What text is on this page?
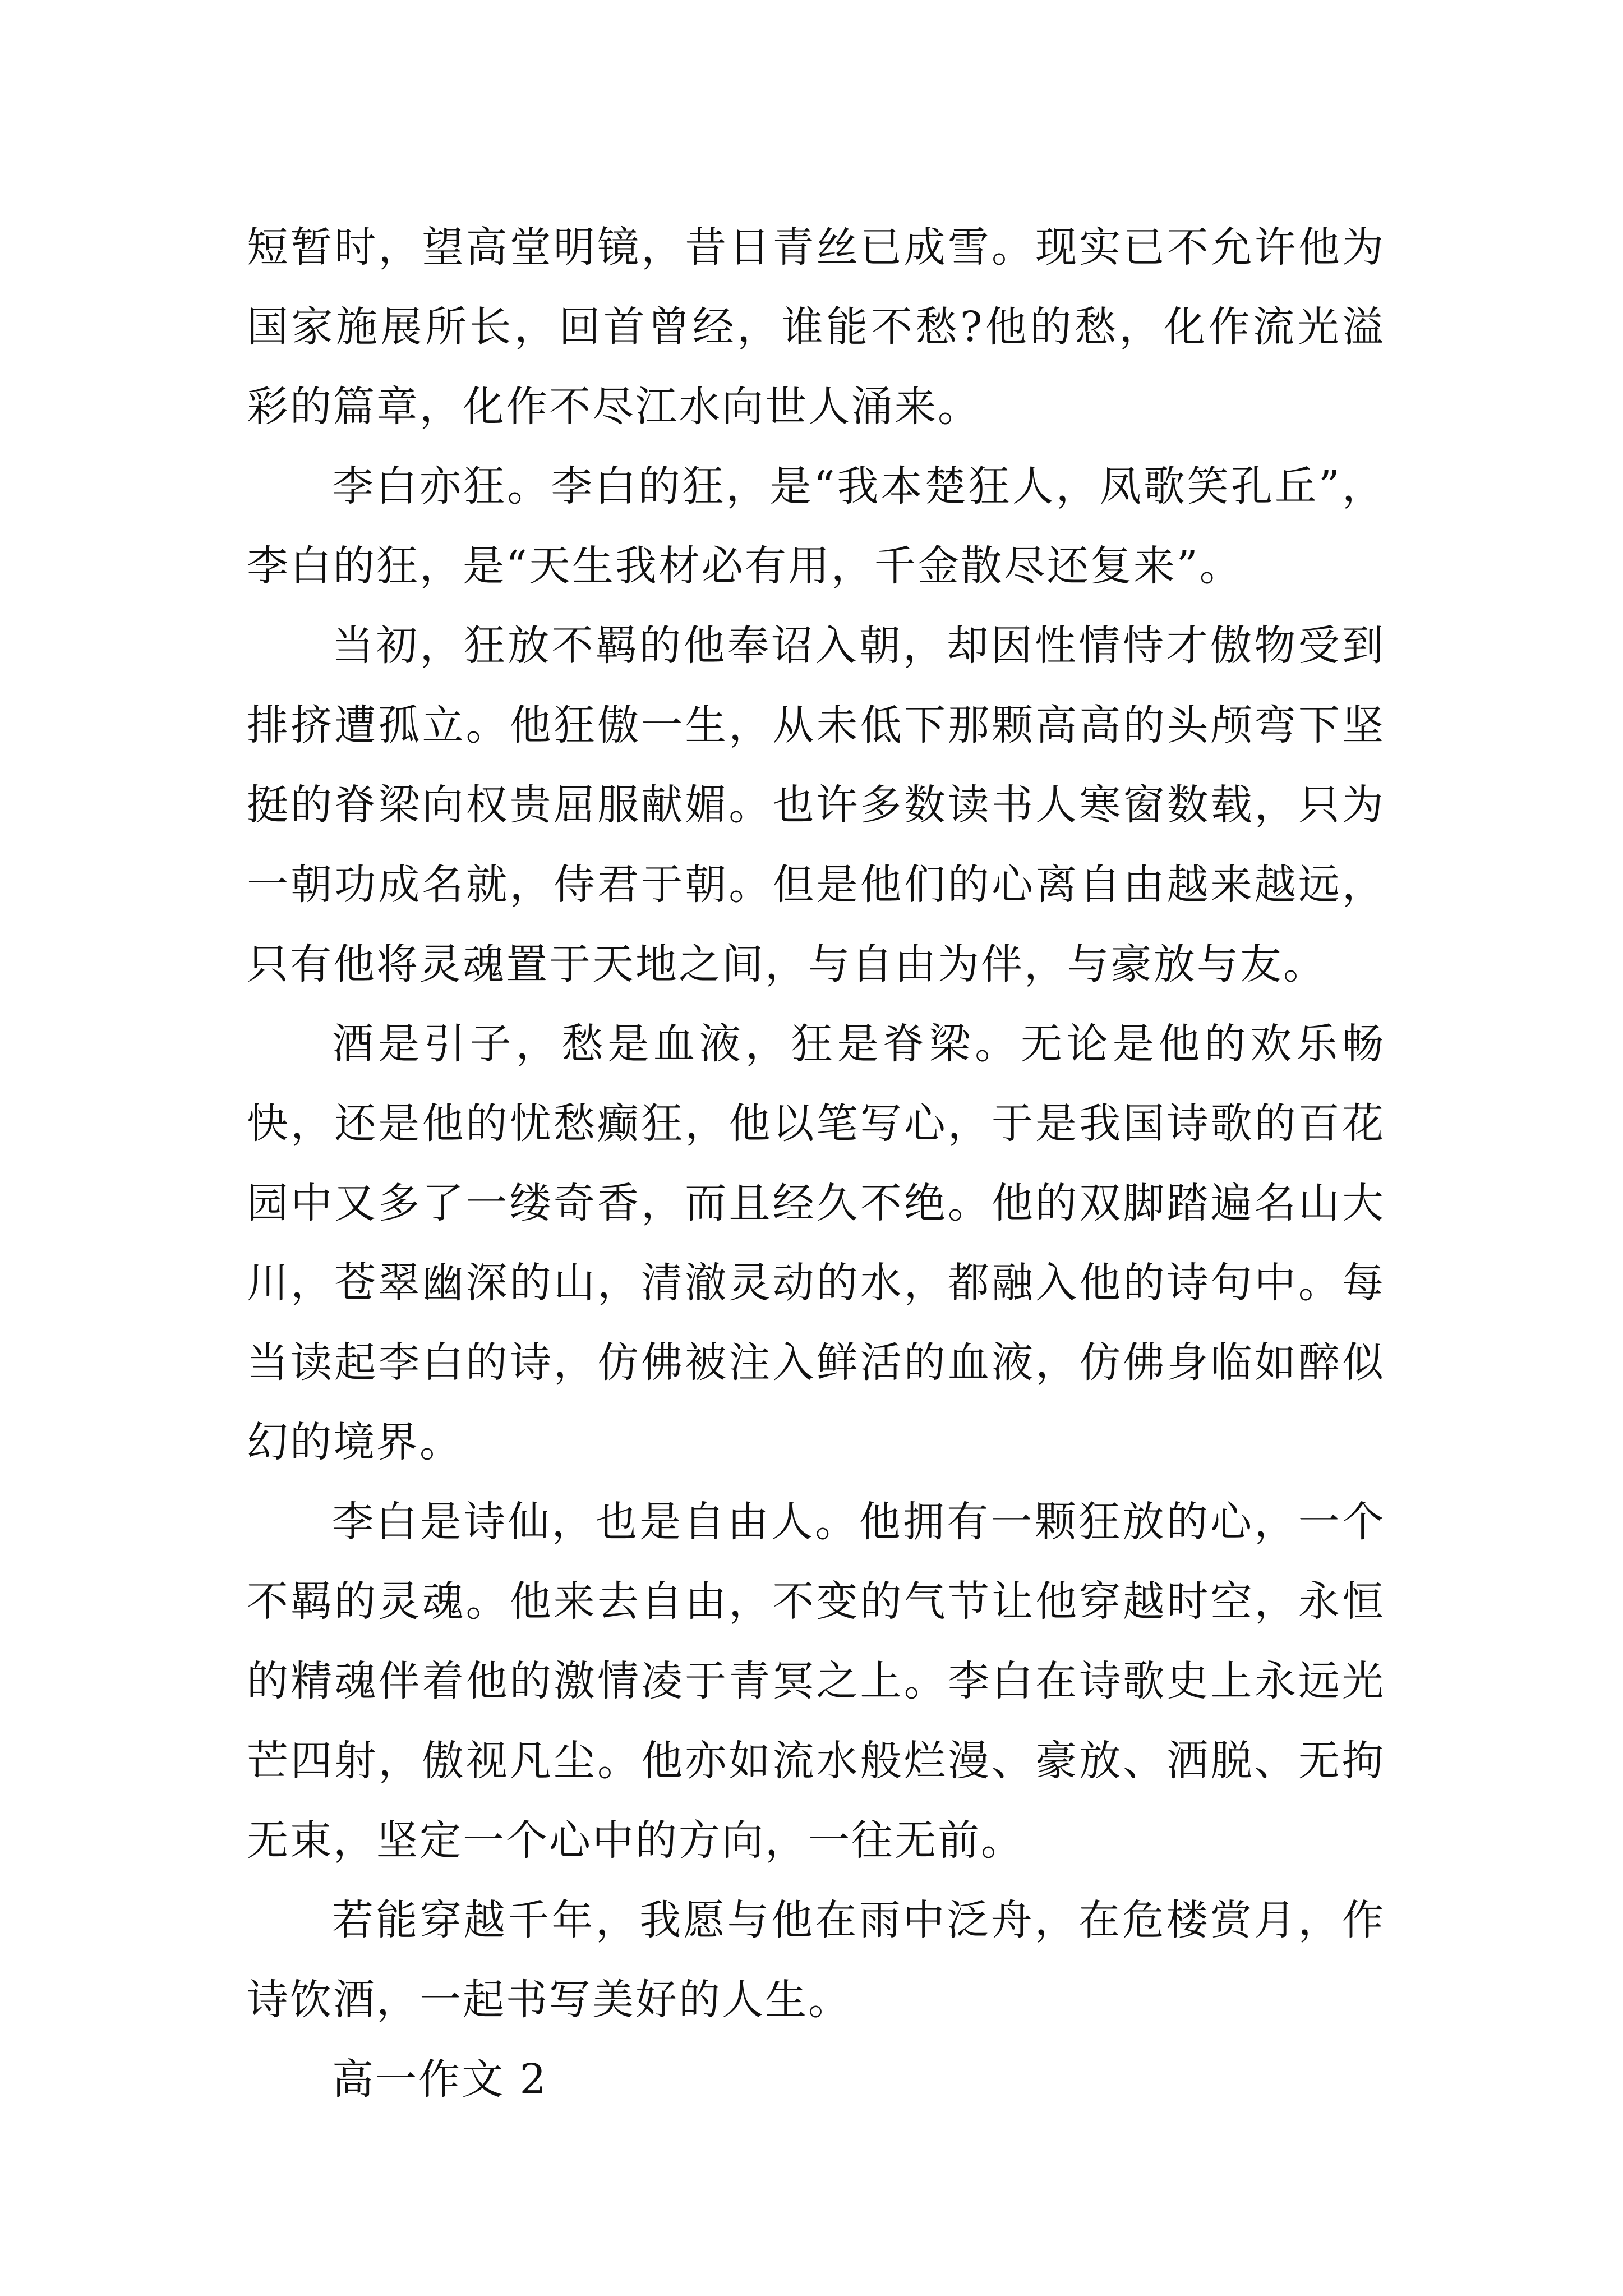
短暂时，望高堂明镜，昔日青丝已成雪。现实已不允许他为国家施展所长，回首曾经，谁能不愁?他的愁，化作流光溢彩的篇章，化作不尽江水向世人涌来。

李白亦狂。李白的狂，是“我本楚狂人，凤歌笑孔丘”，李白的狂，是“天生我材必有用，千金散尽还复来”。

当初，狂放不羁的他奉诏入朝，却因性情恃才傲物受到排挤遭孤立。他狂傲一生，从未低下那颗高高的头颅弯下坚挺的脊梁向权贵屈服献媚。也许多数读书人寒窗数载，只为一朝功成名就，侍君于朝。但是他们的心离自由越来越远，只有他将灵魂置于天地之间，与自由为伴，与豪放与友。

酒是引子，愁是血液，狂是脊梁。无论是他的欢乐畅快，还是他的忧愁癫狂，他以笔写心，于是我国诗歌的百花园中又多了一缕奇香，而且经久不绝。他的双脚踏遍名山大川，苍翠幽深的山，清澈灵动的水，都融入他的诗句中。每当读起李白的诗，仿佛被注入鲜活的血液，仿佛身临如醉似幻的境界。

李白是诗仙，也是自由人。他拥有一颗狂放的心，一个不羁的灵魂。他来去自由，不变的气节让他穿越时空，永恒的精魂伴着他的激情凌于青冥之上。李白在诗歌史上永远光芒四射，傲视凡尘。他亦如流水般烂漫、豪放、洒脱、无拘无束，坚定一个心中的方向，一往无前。

若能穿越千年，我愿与他在雨中泛舟，在危楼赏月，作诗饮酒，一起书写美好的人生。

高一作文 2
